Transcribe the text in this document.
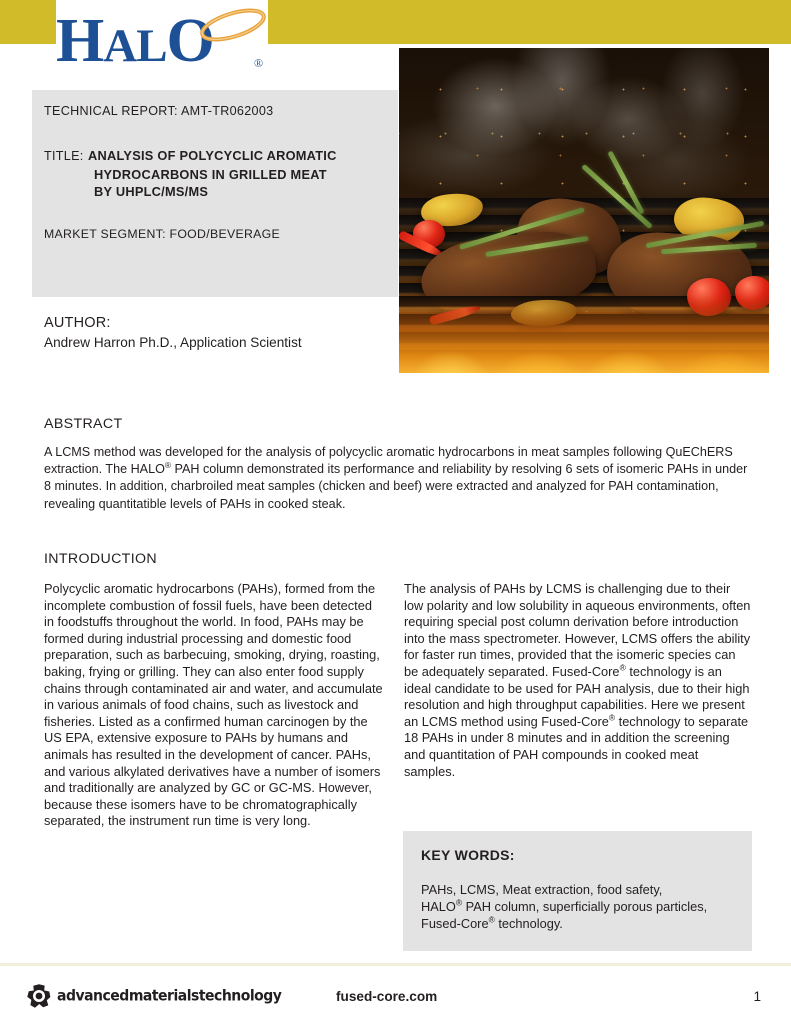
HALO	®
TECHNICAL REPORT: AMT-TR062003
TITLE: ANALYSIS OF POLYCYCLIC AROMATIC
HYDROCARBONS IN GRILLED MEAT
BY UHPLC/MS/MS
MARKET SEGMENT: FOOD/BEVERAGE
AUTHOR:
Andrew Harron Ph.D., Application Scientist
ABSTRACT
A LCMS method was developed for the analysis of polycyclic aromatic hydrocarbons in meat samples following QuEChERS extraction. The HALO® PAH column demonstrated its performance and reliability by resolving 6 sets of isomeric PAHs in under 8 minutes. In addition, charbroiled meat samples (chicken and beef) were extracted and analyzed for PAH contamination, revealing quantitatible levels of PAHs in cooked steak.
INTRODUCTION
Polycyclic aromatic hydrocarbons (PAHs), formed from the incomplete combustion of fossil fuels, have been detected in foodstuffs throughout the world. In food, PAHs may be formed during industrial processing and domestic food preparation, such as barbecuing, smoking, drying, roasting, baking, frying or grilling. They can also enter food supply chains through contaminated air and water, and accumulate in various animals of food chains, such as livestock and fisheries. Listed as a confirmed human carcinogen by the US EPA, extensive exposure to PAHs by humans and animals has resulted in the development of cancer. PAHs, and various alkylated derivatives have a number of isomers and traditionally are analyzed by GC or GC-MS. However, because these isomers have to be chromatographically separated, the instrument run time is very long.
The analysis of PAHs by LCMS is challenging due to their low polarity and low solubility in aqueous environments, often requiring special post column derivation before introduction into the mass spectrometer. However, LCMS offers the ability for faster run times, provided that the isomeric species can be adequately separated. Fused-Core® technology is an ideal candidate to be used for PAH analysis, due to their high resolution and high throughput capabilities. Here we present an LCMS method using Fused-Core® technology to separate 18 PAHs in under 8 minutes and in addition the screening and quantitation of PAH compounds in cooked meat samples.
KEY WORDS:
PAHs, LCMS, Meat extraction, food safety,
HALO® PAH column, superficially porous particles,
Fused-Core® technology.
advancedmaterialstechnology	fused-core.com	1
